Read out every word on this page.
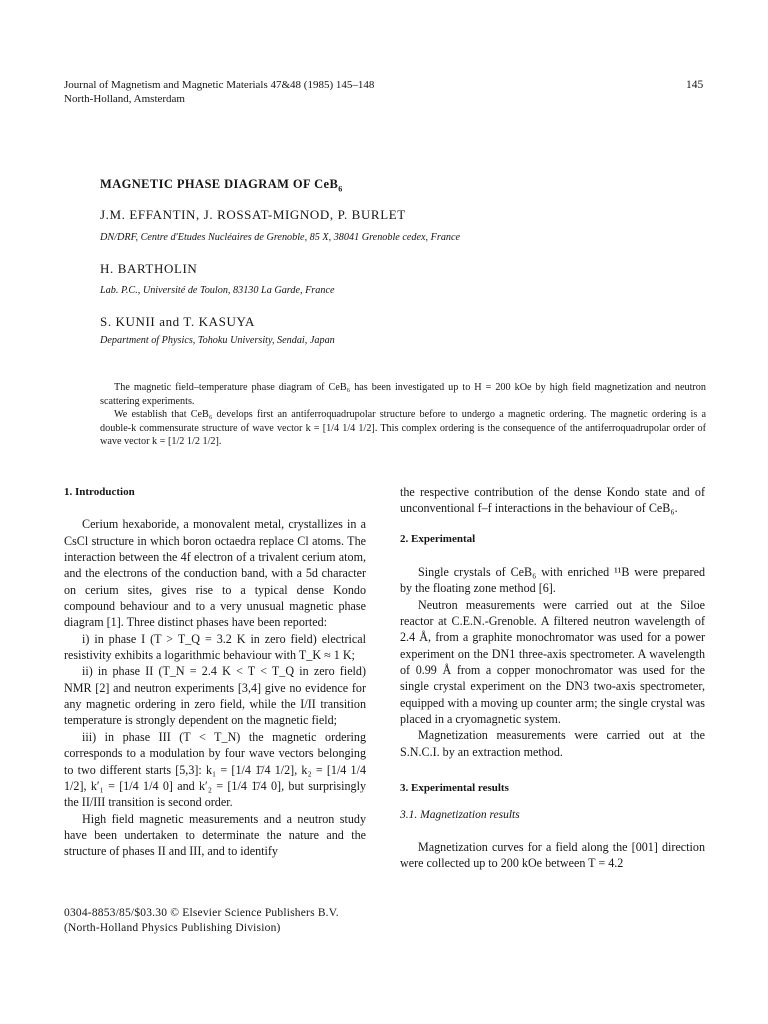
Journal of Magnetism and Magnetic Materials 47&48 (1985) 145–148
North-Holland, Amsterdam
145
MAGNETIC PHASE DIAGRAM OF CeB$_6$
J.M. EFFANTIN, J. ROSSAT-MIGNOD, P. BURLET
DN/DRF, Centre d'Etudes Nucléaires de Grenoble, 85 X, 38041 Grenoble cedex, France
H. BARTHOLIN
Lab. P.C., Université de Toulon, 83130 La Garde, France
S. KUNII and T. KASUYA
Department of Physics, Tohoku University, Sendai, Japan

The magnetic field–temperature phase diagram of CeB₆ has been investigated up to H = 200 kOe by high field magnetization and neutron scattering experiments.

We establish that CeB₆ develops first an antiferroquadrupolar structure before to undergo a magnetic ordering. The magnetic ordering is a double-k commensurate structure of wave vector k = [1/4 1/4 1/2]. This complex ordering is the consequence of the antiferroquadrupolar order of wave vector k = [1/2 1/2 1/2].

1. Introduction

Cerium hexaboride, a monovalent metal, crystallizes in a CsCl structure in which boron octaedra replace Cl atoms. The interaction between the 4f electron of a trivalent cerium atom, and the electrons of the conduction band, with a 5d character on cerium sites, gives rise to a typical dense Kondo compound behaviour and to a very unusual magnetic phase diagram [1]. Three distinct phases have been reported:

i) in phase I (T > T_Q = 3.2 K in zero field) electrical resistivity exhibits a logarithmic behaviour with T_K ≈ 1 K;

ii) in phase II (T_N = 2.4 K < T < T_Q in zero field) NMR [2] and neutron experiments [3,4] give no evidence for any magnetic ordering in zero field, while the I/II transition temperature is strongly dependent on the magnetic field;

iii) in phase III (T < T_N) the magnetic ordering corresponds to a modulation by four wave vectors belonging to two different starts [5,3]: k₁ = [1/4 1̄/4 1/2], k₂ = [1/4 1/4 1/2], k′₁ = [1/4 1/4 0] and k′₂ = [1/4 1̄/4 0], but surprisingly the II/III transition is second order.

High field magnetic measurements and a neutron study have been undertaken to determinate the nature and the structure of phases II and III, and to identify

the respective contribution of the dense Kondo state and of unconventional f–f interactions in the behaviour of CeB₆.

2. Experimental

Single crystals of CeB₆ with enriched ¹¹B were prepared by the floating zone method [6].

Neutron measurements were carried out at the Siloe reactor at C.E.N.-Grenoble. A filtered neutron wavelength of 2.4 Å, from a graphite monochromator was used for a power experiment on the DN1 three-axis spectrometer. A wavelength of 0.99 Å from a copper monochromator was used for the single crystal experiment on the DN3 two-axis spectrometer, equipped with a moving up counter arm; the single crystal was placed in a cryomagnetic system.

Magnetization measurements were carried out at the S.N.C.I. by an extraction method.

3. Experimental results
3.1. Magnetization results

Magnetization curves for a field along the [001] direction were collected up to 200 kOe between T = 4.2

0304-8853/85/$03.30 © Elsevier Science Publishers B.V.
(North-Holland Physics Publishing Division)
